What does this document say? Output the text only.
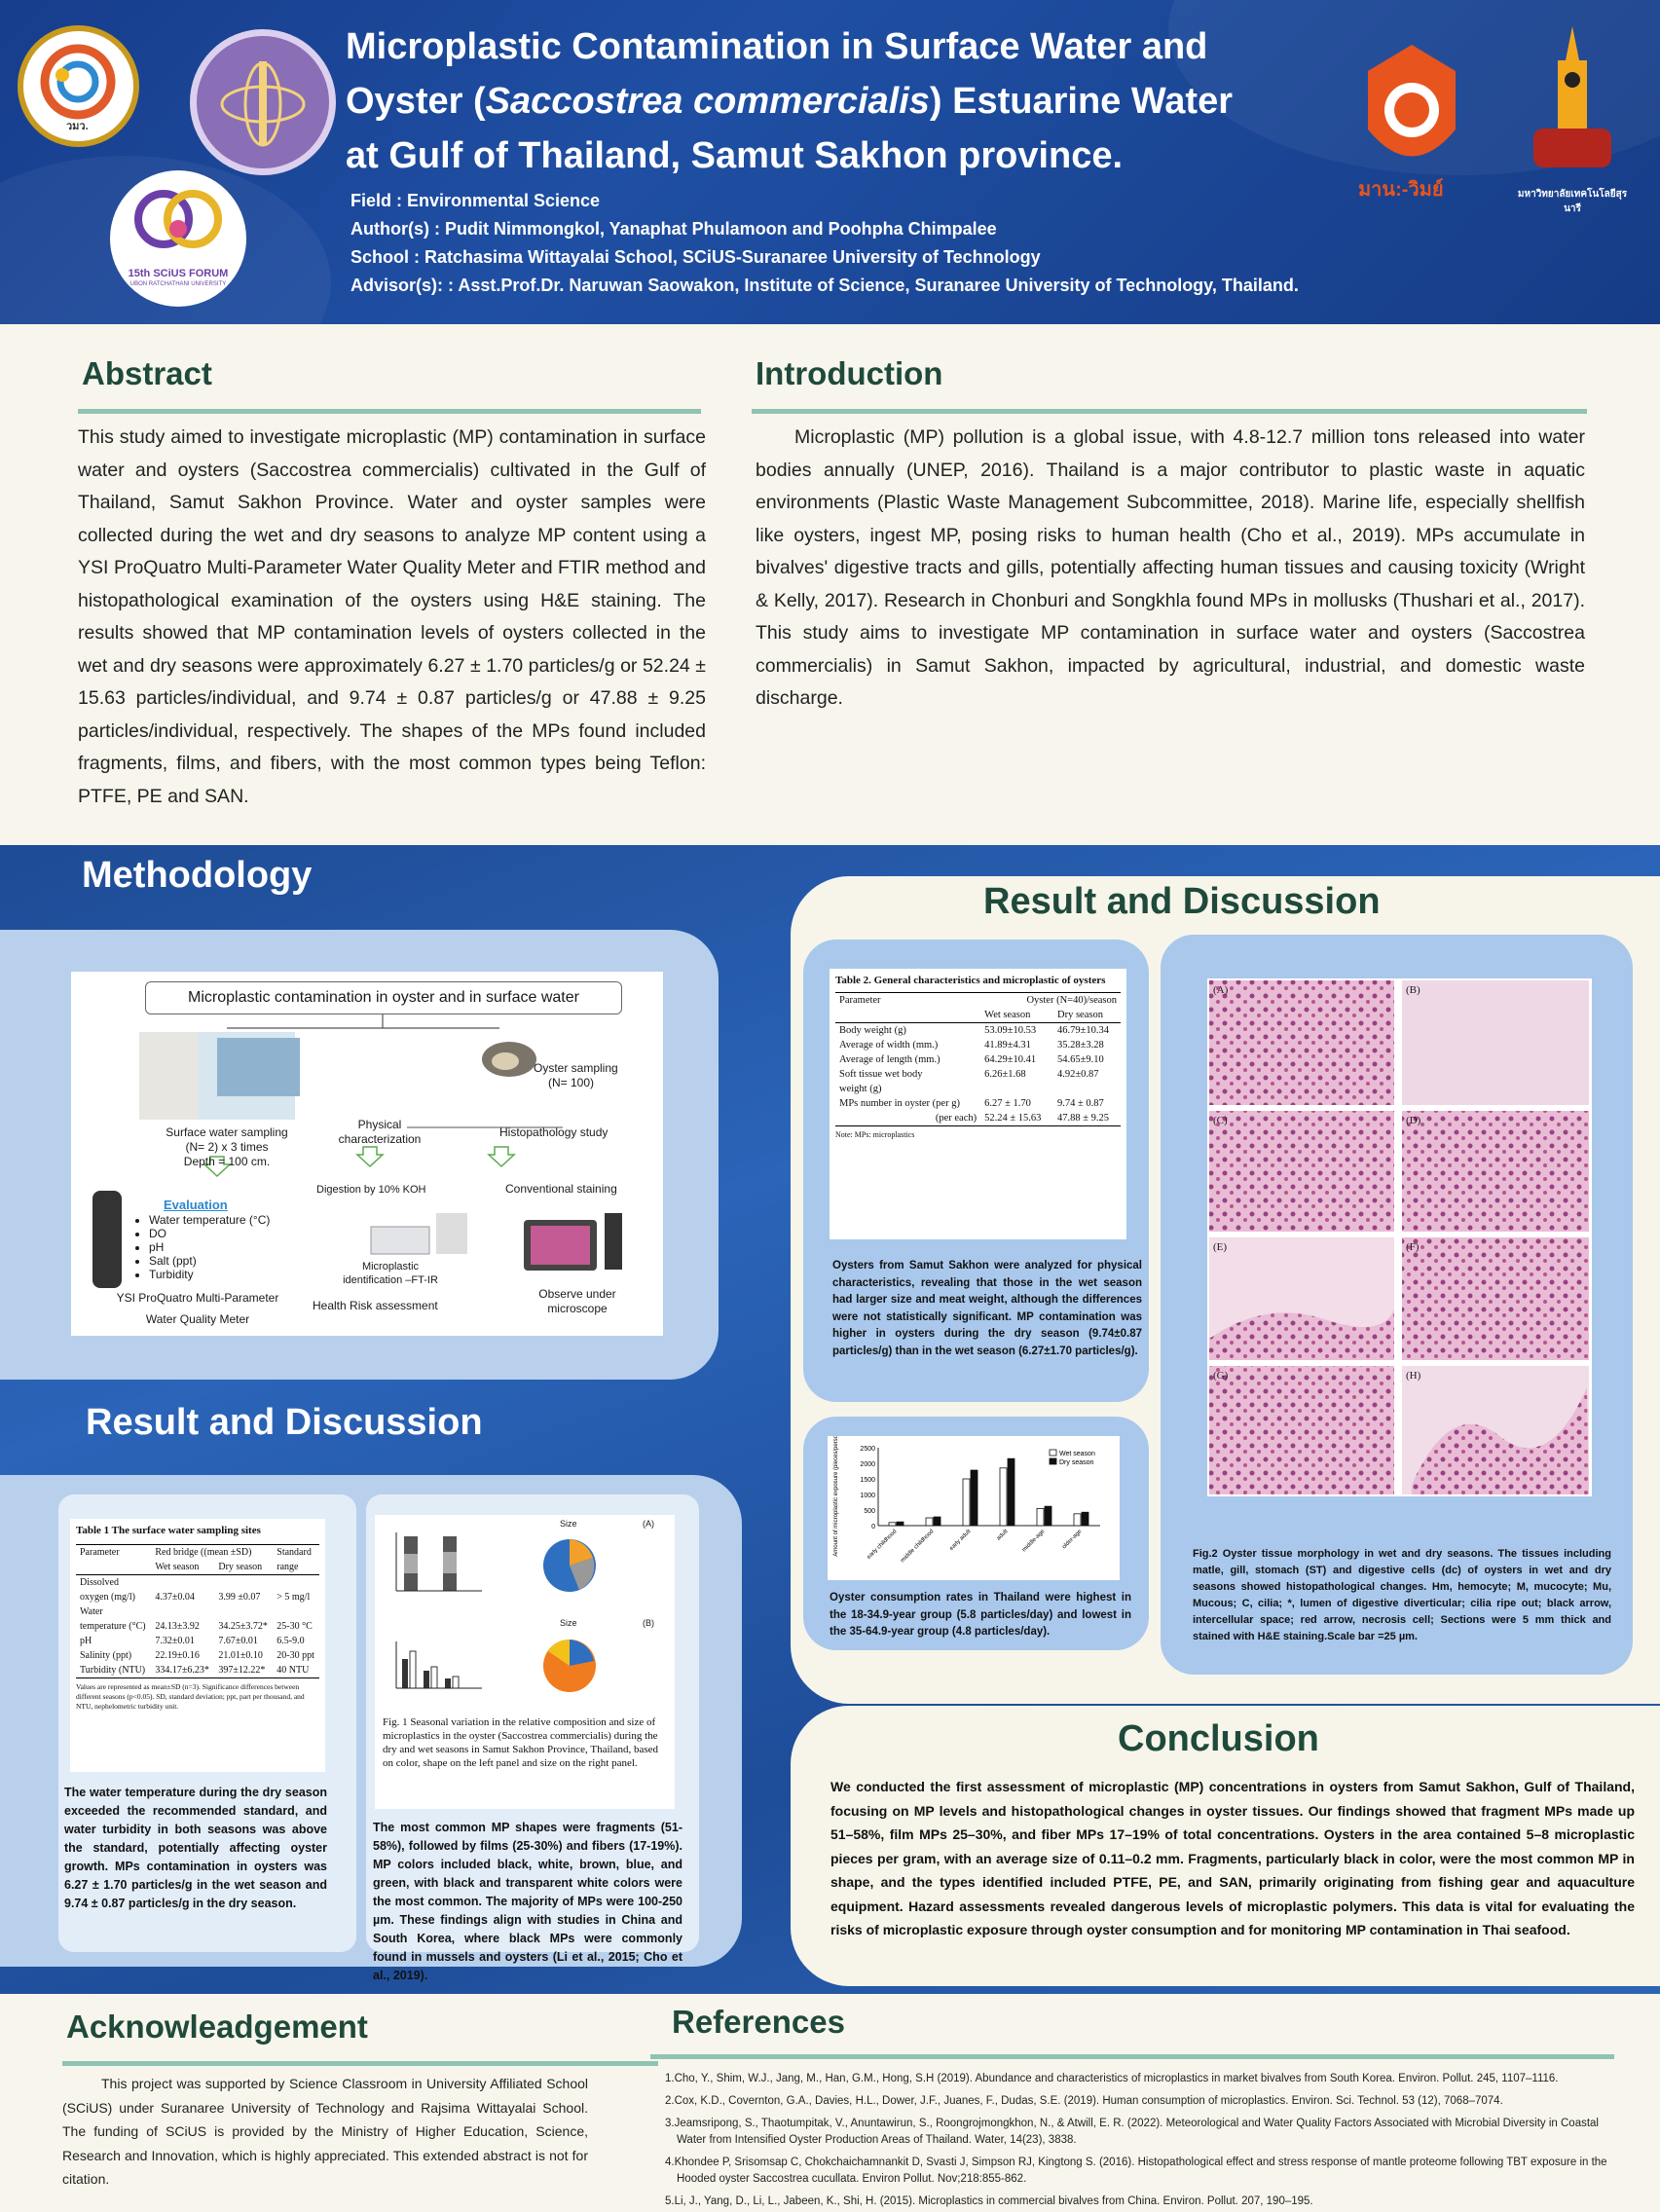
วมว.
15th SCiUS FORUM
UBON RATCHATHANI UNIVERSITY
Microplastic Contamination in Surface Water and
Oyster (Saccostrea commercialis) Estuarine Water
at Gulf of Thailand, Samut Sakhon province.
Field : Environmental Science
Author(s) : Pudit Nimmongkol, Yanaphat Phulamoon and Poohpha Chimpalee
School : Ratchasima Wittayalai School, SCiUS-Suranaree University of Technology
Advisor(s): : Asst.Prof.Dr. Naruwan Saowakon, Institute of Science, Suranaree University of Technology, Thailand.
มาน:-วิมย์	มหาวิทยาลัยเทคโนโลยีสุรนารี
Abstract
This study aimed to investigate microplastic (MP) contamination in surface water and oysters (Saccostrea commercialis) cultivated in the Gulf of Thailand, Samut Sakhon Province. Water and oyster samples were collected during the wet and dry seasons to analyze MP content using a YSI ProQuatro Multi-Parameter Water Quality Meter and FTIR method and histopathological examination of the oysters using H&E staining. The results showed that MP contamination levels of oysters collected in the wet and dry seasons were approximately 6.27 ± 1.70 particles/g or 52.24 ± 15.63 particles/individual, and 9.74 ± 0.87 particles/g or 47.88 ± 9.25 particles/individual, respectively. The shapes of the MPs found included fragments, films, and fibers, with the most common types being Teflon: PTFE, PE and SAN.
Introduction
Microplastic (MP) pollution is a global issue, with 4.8-12.7 million tons released into water bodies annually (UNEP, 2016). Thailand is a major contributor to plastic waste in aquatic environments (Plastic Waste Management Subcommittee, 2018). Marine life, especially shellfish like oysters, ingest MP, posing risks to human health (Cho et al., 2019). MPs accumulate in bivalves' digestive tracts and gills, potentially affecting human tissues and causing toxicity (Wright & Kelly, 2017). Research in Chonburi and Songkhla found MPs in mollusks (Thushari et al., 2017). This study aims to investigate MP contamination in surface water and oysters (Saccostrea commercialis) in Samut Sakhon, impacted by agricultural, industrial, and domestic waste discharge.
Methodology
Microplastic contamination in oyster and in surface water
Surface water sampling
(N= 2) x 3 times
Depth = 100 cm.
Evaluation
• Water temperature (°C)
• DO
• pH
• Salt (ppt)
• Turbidity
YSI ProQuatro Multi-Parameter
Water Quality Meter
Oyster sampling
(N= 100)
Physical characterization	Histopathology study
Digestion by 10% KOH	Conventional staining
Microplastic identification –FT-IR
Health Risk assessment
Observe under microscope
Result and Discussion
Table 1 The surface water sampling sites
Parameter	Red bridge ((mean ±SD)		Standard
	Wet season	Dry season	range
Dissolved			
oxygen (mg/l)	4.37±0.04	3.99 ±0.07	> 5 mg/l
Water			
temperature (°C)	24.13±3.92	34.25±3.72*	25-30 °C
pH	7.32±0.01	7.67±0.01	6.5-9.0
Salinity (ppt)	22.19±0.16	21.01±0.10	20-30 ppt
Turbidity (NTU)	334.17±6.23*	397±12.22*	40 NTU
Values are represented as mean±SD (n=3). Significance differences between different seasons (p<0.05). SD, standard deviation; ppt, part per thousand, and NTU, nephelometric turbidity unit.
The water temperature during the dry season exceeded the recommended standard, and water turbidity in both seasons was above the standard, potentially affecting oyster growth. MPs contamination in oysters was 6.27 ± 1.70 particles/g in the wet season and 9.74 ± 0.87 particles/g in the dry season.
Size	(A)
Size	(B)
Fig. 1 Seasonal variation in the relative composition and size of microplastics in the oyster (Saccostrea commercialis) during the dry and wet seasons in Samut Sakhon Province, Thailand, based on color, shape on the left panel and size on the right panel.
The most common MP shapes were fragments (51-58%), followed by films (25-30%) and fibers (17-19%). MP colors included black, white, brown, blue, and green, with black and transparent white colors were the most common. The majority of MPs were 100-250 µm. These findings align with studies in China and South Korea, where black MPs were commonly found in mussels and oysters (Li et al., 2015; Cho et al., 2019).
Result and Discussion
Table 2. General characteristics and microplastic of oysters
Parameter	Oyster (N=40)/season	
	Wet season	Dry season
Body weight (g)	53.09±10.53	46.79±10.34
Average of width (mm.)	41.89±4.31	35.28±3.28
Average of length (mm.)	64.29±10.41	54.65±9.10
Soft tissue wet body	6.26±1.68	4.92±0.87
weight (g)		
MPs number in oyster (per g)	6.27 ± 1.70	9.74 ± 0.87
(per each)	52.24 ± 15.63	47.88 ± 9.25
Note: MPs: microplastics
Oysters from Samut Sakhon were analyzed for physical characteristics, revealing that those in the wet season had larger size and meat weight, although the differences were not statistically significant. MP contamination was higher in oysters during the dry season (9.74±0.87 particles/g) than in the wet season (6.27±1.70 particles/g).
0
500
1000
1500
2000
2500
early childhood middle childhood early adult	adult middle-age	older-age
Amount of microplastic exposure (pieces/person/year)	Wet season
Dry season
Oyster consumption rates in Thailand were highest in the 18-34.9-year group (5.8 particles/day) and lowest in the 35-64.9-year group (4.8 particles/day).
(A)	(B)
(C)	(D)
(E)	(F)
(G)	(H)
Fig.2 Oyster tissue morphology in wet and dry seasons. The tissues including matle, gill, stomach (ST) and digestive cells (dc) of oysters in wet and dry seasons showed histopathological changes. Hm, hemocyte; M, mucocyte; Mu, Mucous; C, cilia; *, lumen of digestive diverticular; cilia ripe out; black arrow, intercellular space; red arrow, necrosis cell; Sections were 5 mm thick and stained with H&E staining.Scale bar =25 µm.
Conclusion
We conducted the first assessment of microplastic (MP) concentrations in oysters from Samut Sakhon, Gulf of Thailand, focusing on MP levels and histopathological changes in oyster tissues. Our findings showed that fragment MPs made up 51–58%, film MPs 25–30%, and fiber MPs 17–19% of total concentrations. Oysters in the area contained 5–8 microplastic pieces per gram, with an average size of 0.11–0.2 mm. Fragments, particularly black in color, were the most common MP in shape, and the types identified included PTFE, PE, and SAN, primarily originating from fishing gear and aquaculture equipment. Hazard assessments revealed dangerous levels of microplastic polymers. This data is vital for evaluating the risks of microplastic exposure through oyster consumption and for monitoring MP contamination in Thai seafood.
Acknowleadgement
This project was supported by Science Classroom in University Affiliated School (SCiUS) under Suranaree University of Technology and Rajsima Wittayalai School. The funding of SCiUS is provided by the Ministry of Higher Education, Science, Research and Innovation, which is highly appreciated. This extended abstract is not for citation.
References
1.Cho, Y., Shim, W.J., Jang, M., Han, G.M., Hong, S.H (2019). Abundance and characteristics of microplastics in market bivalves from South Korea. Environ. Pollut. 245, 1107–1116.
2.Cox, K.D., Covernton, G.A., Davies, H.L., Dower, J.F., Juanes, F., Dudas, S.E. (2019). Human consumption of microplastics. Environ. Sci. Technol. 53 (12), 7068–7074.
3.Jeamsripong, S., Thaotumpitak, V., Anuntawirun, S., Roongrojmongkhon, N., & Atwill, E. R. (2022). Meteorological and Water Quality Factors Associated with Microbial Diversity in Coastal Water from Intensified Oyster Production Areas of Thailand. Water, 14(23), 3838.
4.Khondee P, Srisomsap C, Chokchaichamnankit D, Svasti J, Simpson RJ, Kingtong S. (2016). Histopathological effect and stress response of mantle proteome following TBT exposure in the Hooded oyster Saccostrea cucullata. Environ Pollut. Nov;218:855-862.
5.Li, J., Yang, D., Li, L., Jabeen, K., Shi, H. (2015). Microplastics in commercial bivalves from China. Environ. Pollut. 207, 190–195.
